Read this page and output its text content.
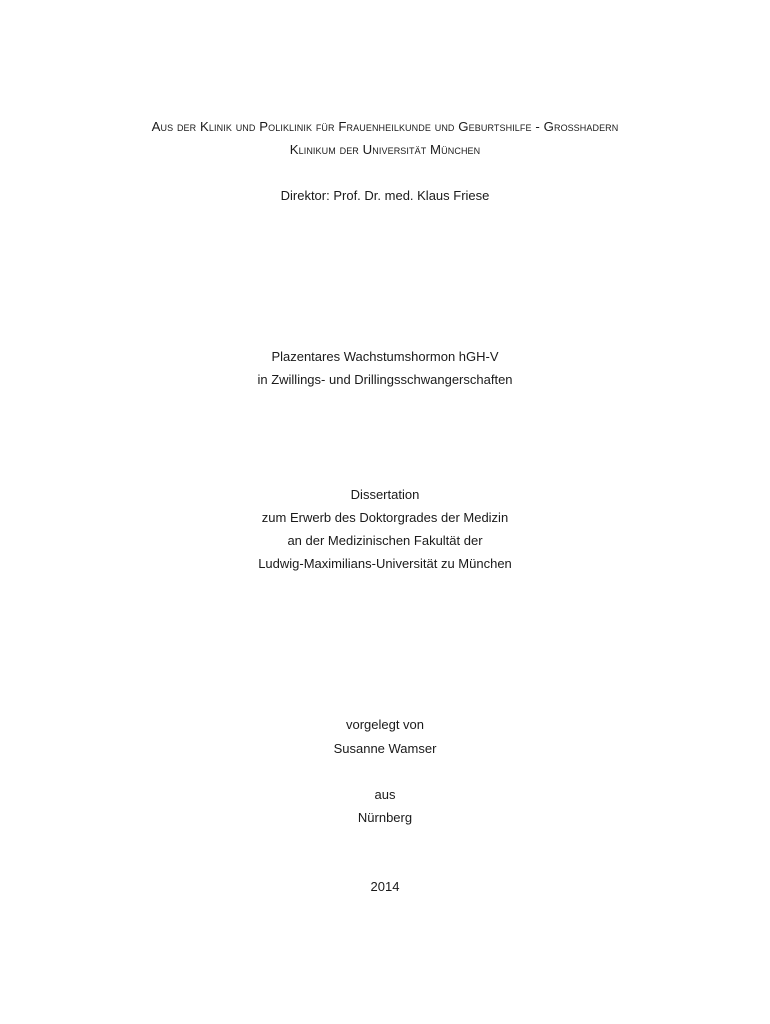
Aus der Klinik und Poliklinik für Frauenheilkunde und Geburtshilfe - Großhadern
Klinikum der Universität München
Direktor: Prof. Dr. med. Klaus Friese
Plazentares Wachstumshormon hGH-V
in Zwillings- und Drillingsschwangerschaften
Dissertation
zum Erwerb des Doktorgrades der Medizin
an der Medizinischen Fakultät der
Ludwig-Maximilians-Universität zu München
vorgelegt von
Susanne Wamser
aus
Nürnberg
2014
